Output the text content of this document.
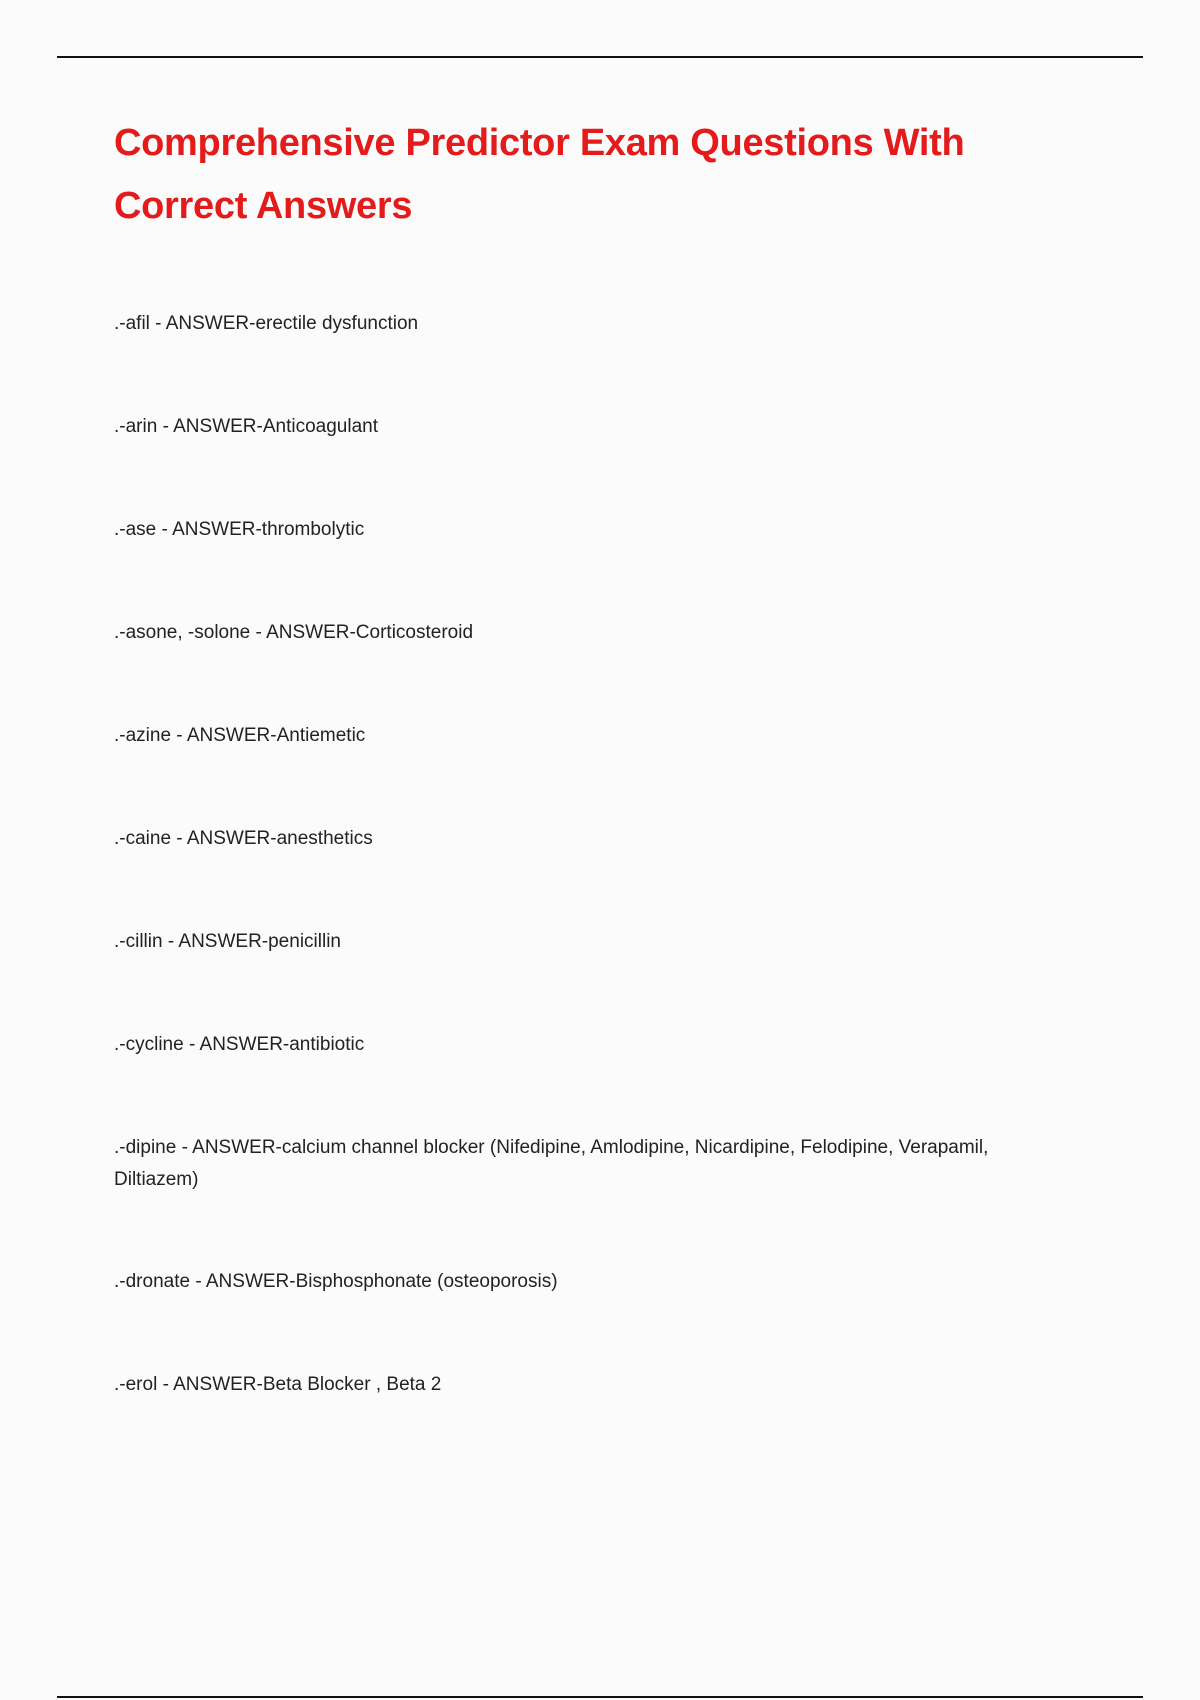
Comprehensive Predictor Exam Questions With
Correct Answers
.-afil - ANSWER-erectile dysfunction
.-arin - ANSWER-Anticoagulant
.-ase - ANSWER-thrombolytic
.-asone, -solone - ANSWER-Corticosteroid
.-azine - ANSWER-Antiemetic
.-caine - ANSWER-anesthetics
.-cillin - ANSWER-penicillin
.-cycline - ANSWER-antibiotic
.-dipine - ANSWER-calcium channel blocker (Nifedipine, Amlodipine, Nicardipine, Felodipine, Verapamil, Diltiazem)
.-dronate - ANSWER-Bisphosphonate (osteoporosis)
.-erol - ANSWER-Beta Blocker , Beta 2
